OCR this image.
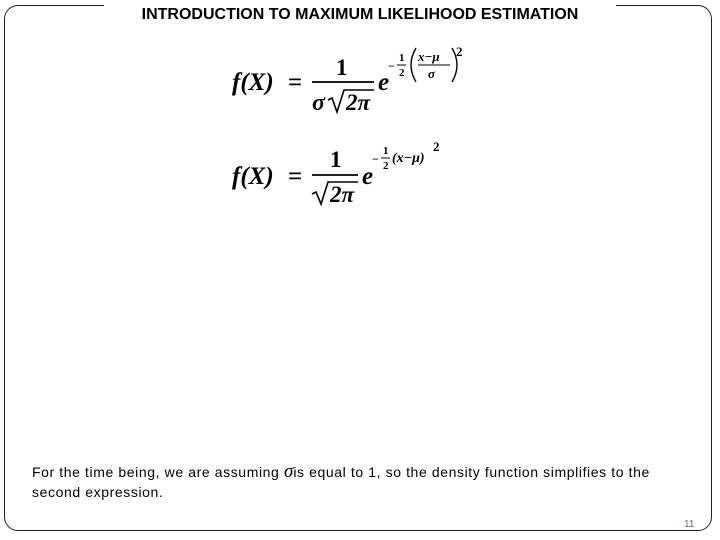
INTRODUCTION TO MAXIMUM LIKELIHOOD ESTIMATION
f(X) =
1
σ 2π
e
−
1
2
x−μ
σ
2
f(X) =
1
2π
e
−
1
2 (x−μ)
2
For the time being, we are assuming σis equal to 1, so the density function simplifies to the second expression.
11
